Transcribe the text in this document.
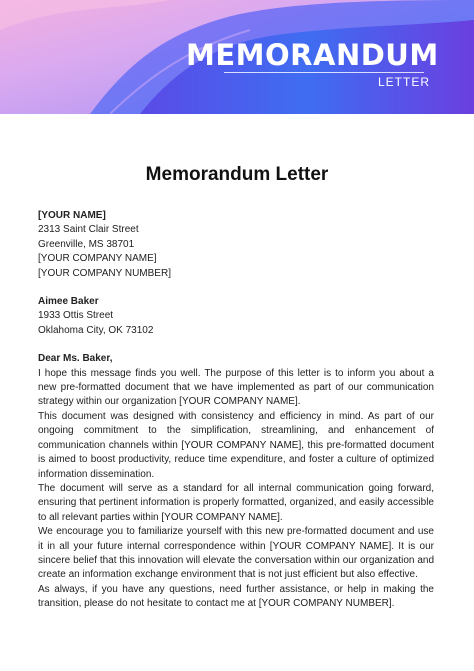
MEMORANDUM
LETTER
Memorandum Letter

[YOUR NAME]

2313 Saint Clair Street

Greenville, MS 38701

[YOUR COMPANY NAME]

[YOUR COMPANY NUMBER]

Aimee Baker

1933 Ottis Street

Oklahoma City, OK 73102

Dear Ms. Baker,

I hope this message finds you well. The purpose of this letter is to inform you about a new pre-formatted document that we have implemented as part of our communication strategy within our organization [YOUR COMPANY NAME].

This document was designed with consistency and efficiency in mind. As part of our ongoing commitment to the simplification, streamlining, and enhancement of communication channels within [YOUR COMPANY NAME], this pre-formatted document is aimed to boost productivity, reduce time expenditure, and foster a culture of optimized information dissemination.

The document will serve as a standard for all internal communication going forward, ensuring that pertinent information is properly formatted, organized, and easily accessible to all relevant parties within [YOUR COMPANY NAME].

We encourage you to familiarize yourself with this new pre-formatted document and use it in all your future internal correspondence within [YOUR COMPANY NAME]. It is our sincere belief that this innovation will elevate the conversation within our organization and create an information exchange environment that is not just efficient but also effective.

As always, if you have any questions, need further assistance, or help in making the transition, please do not hesitate to contact me at [YOUR COMPANY NUMBER].
